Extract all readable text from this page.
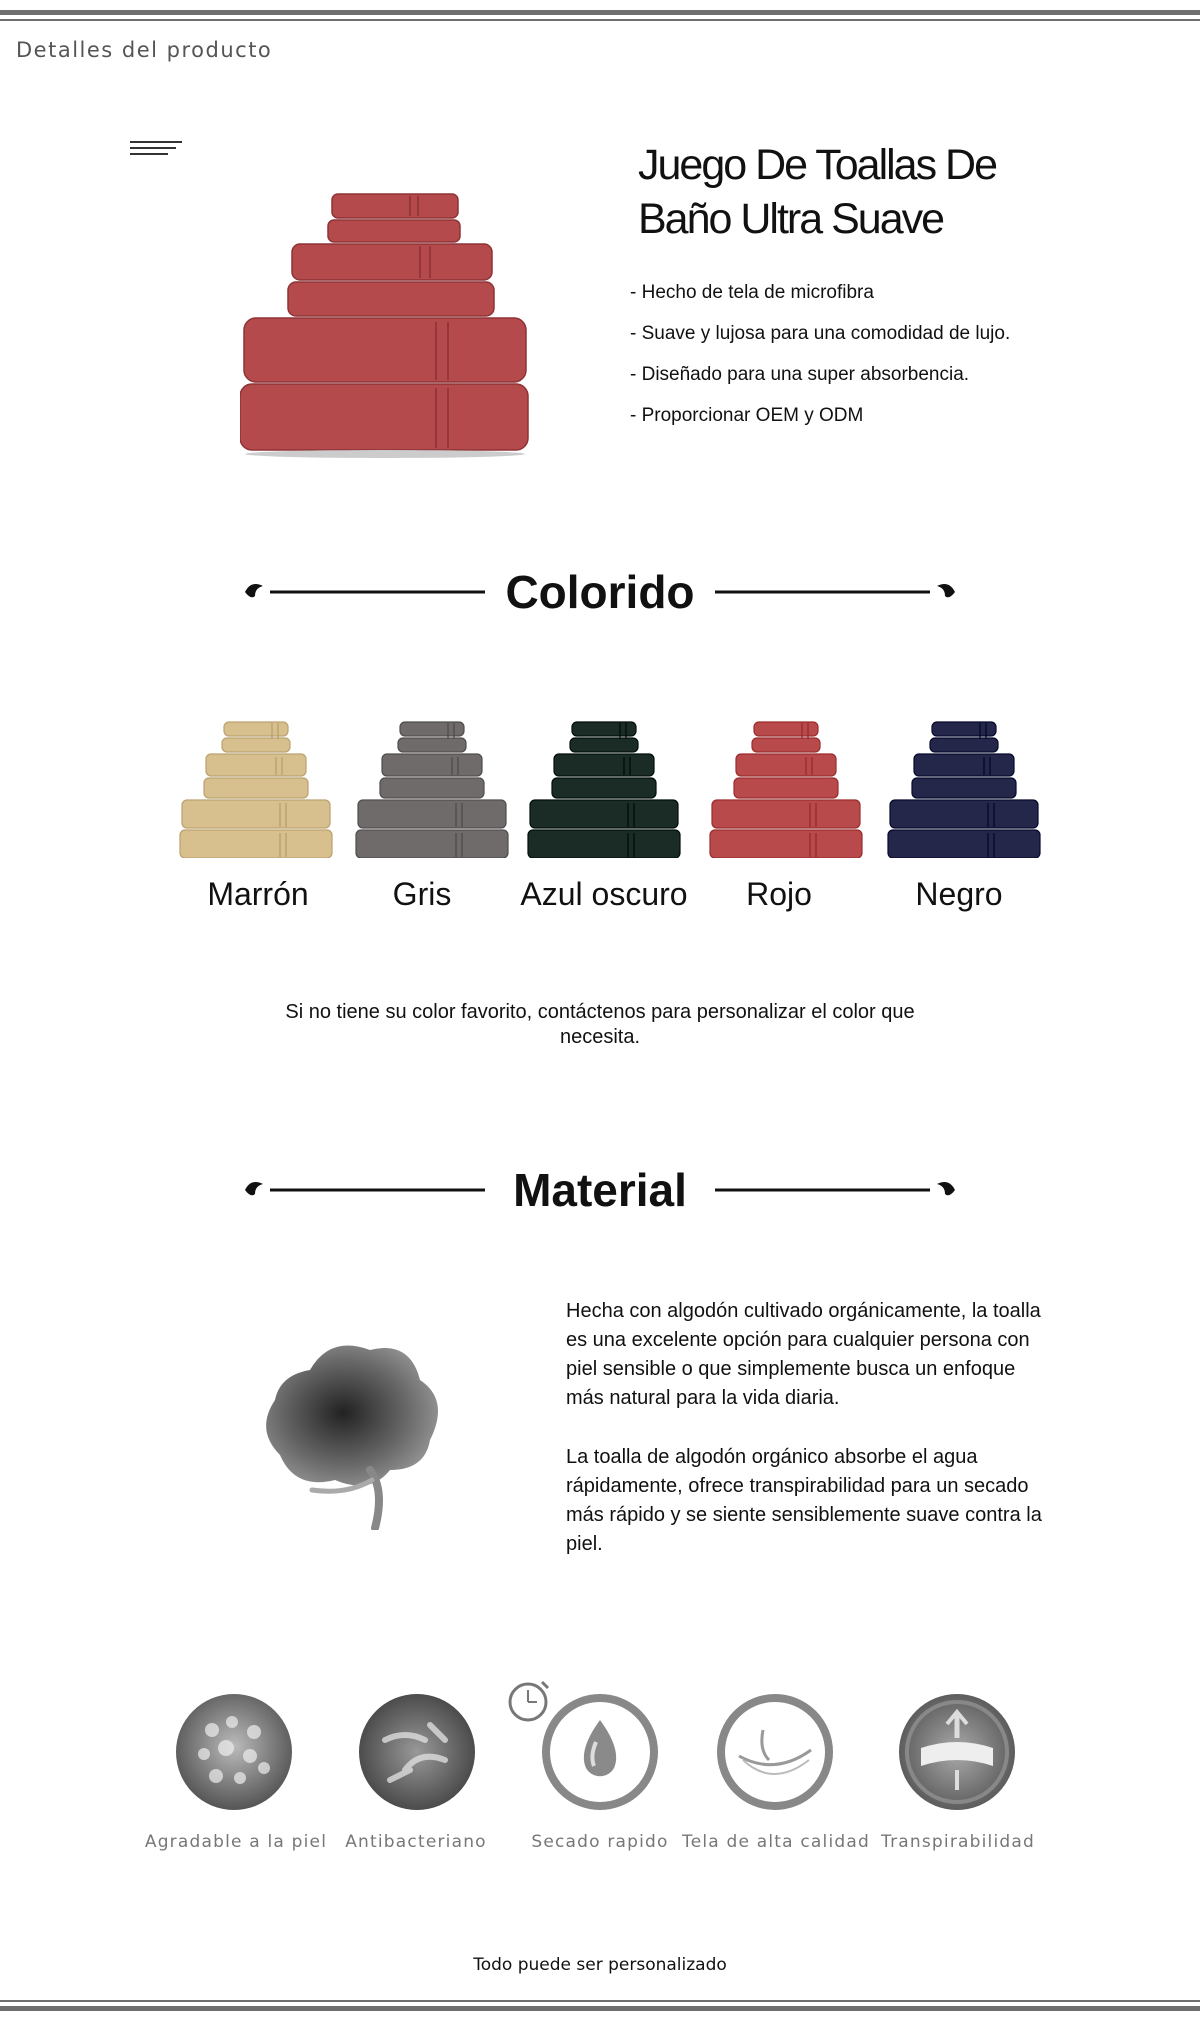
Detalles del producto
Juego De Toallas De Baño Ultra Suave
- Hecho de tela de microfibra
- Suave y lujosa para una comodidad de lujo.
- Diseñado para una super absorbencia.
- Proporcionar OEM y ODM
Colorido
Marrón	Gris	Azul oscuro	Rojo	Negro
Si no tiene su color favorito, contáctenos para personalizar el color que necesita.
Material

Hecha con algodón cultivado orgánicamente, la toalla es una excelente opción para cualquier persona con piel sensible o que simplemente busca un enfoque más natural para la vida diaria.

La toalla de algodón orgánico absorbe el agua rápidamente, ofrece transpirabilidad para un secado más rápido y se siente sensiblemente suave contra la piel.

Agradable a la piel	Antibacteriano	Secado rapido Tela de alta calidad Transpirabilidad
Todo puede ser personalizado
